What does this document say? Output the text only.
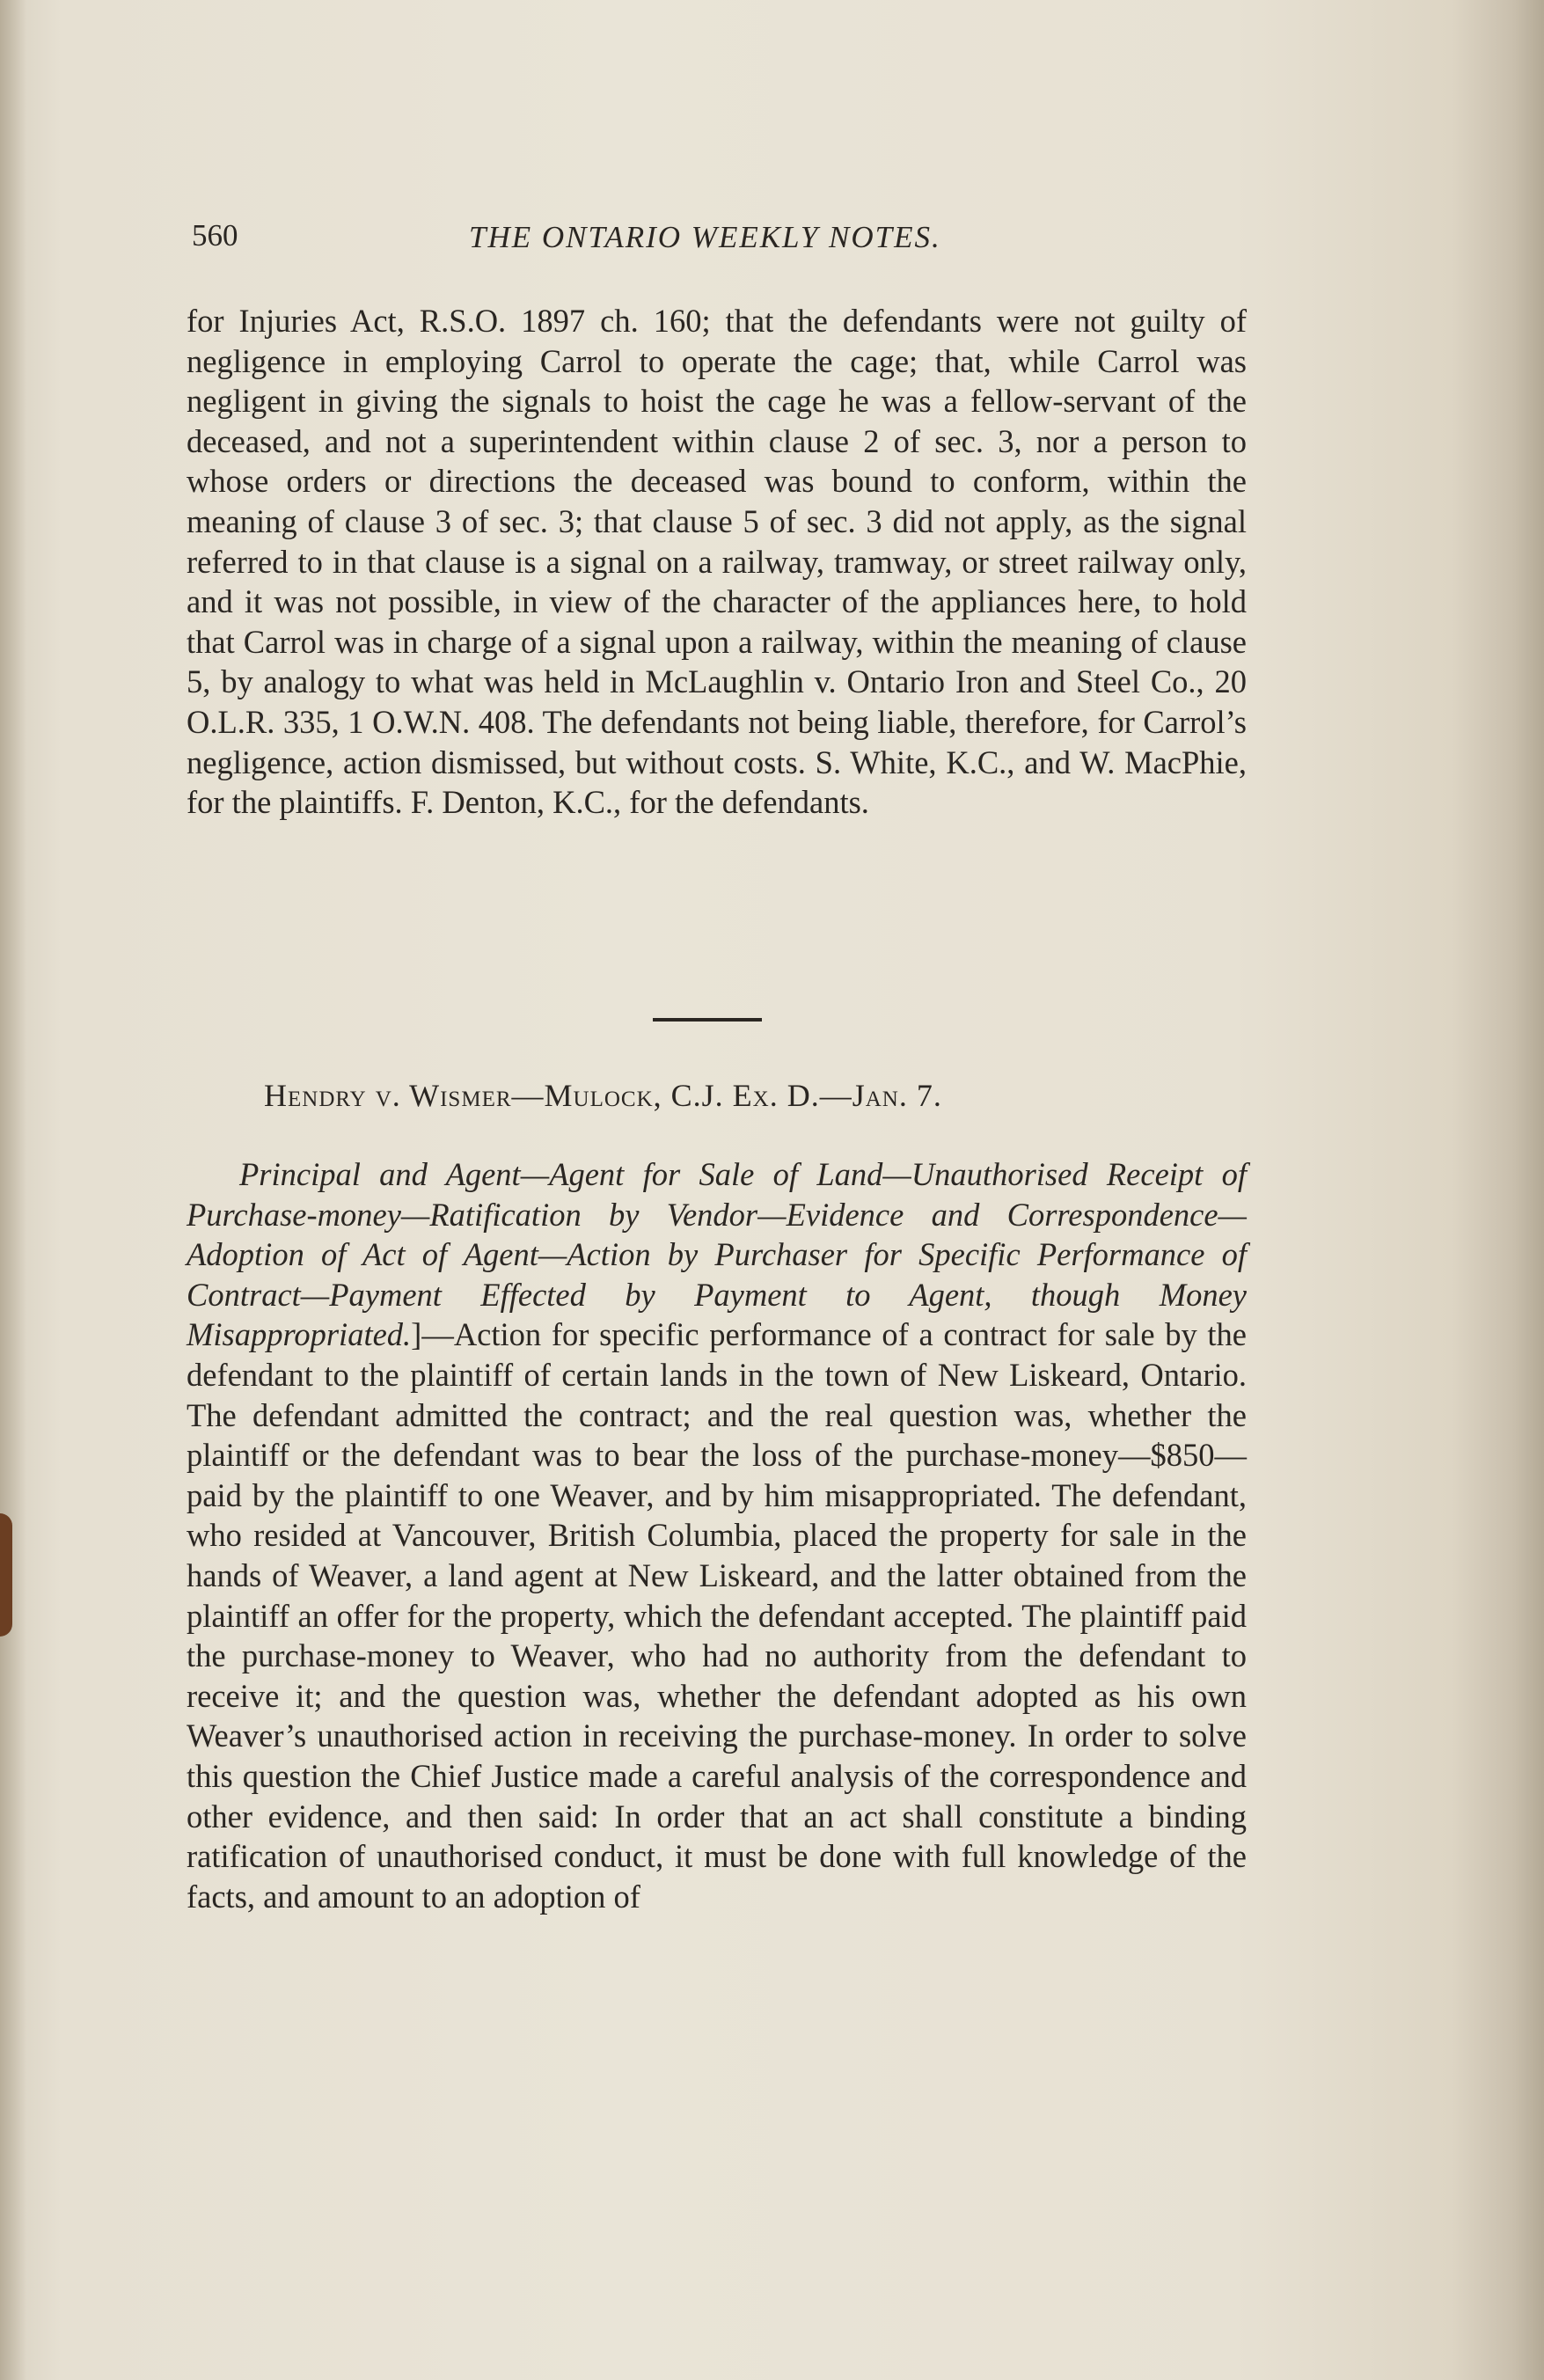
560	THE ONTARIO WEEKLY NOTES.

for Injuries Act, R.S.O. 1897 ch. 160; that the defendants were not guilty of negligence in employing Carrol to operate the cage; that, while Carrol was negligent in giving the signals to hoist the cage he was a fellow-servant of the deceased, and not a superintendent within clause 2 of sec. 3, nor a person to whose orders or directions the deceased was bound to conform, within the meaning of clause 3 of sec. 3; that clause 5 of sec. 3 did not apply, as the signal referred to in that clause is a signal on a railway, tramway, or street railway only, and it was not possible, in view of the character of the appliances here, to hold that Carrol was in charge of a signal upon a railway, within the meaning of clause 5, by analogy to what was held in McLaughlin v. Ontario Iron and Steel Co., 20 O.L.R. 335, 1 O.W.N. 408. The defendants not being liable, therefore, for Carrol’s negligence, action dismissed, but without costs. S. White, K.C., and W. MacPhie, for the plaintiffs. F. Denton, K.C., for the defendants.

Hendry v. Wismer—Mulock, C.J. Ex. D.—Jan. 7.

Principal and Agent—Agent for Sale of Land—Unauthorised Receipt of Purchase-money—Ratification by Vendor—Evidence and Correspondence—Adoption of Act of Agent—Action by Purchaser for Specific Performance of Contract—Payment Effected by Payment to Agent, though Money Misappropriated.]—Action for specific performance of a contract for sale by the defendant to the plaintiff of certain lands in the town of New Liskeard, Ontario. The defendant admitted the contract; and the real question was, whether the plaintiff or the defendant was to bear the loss of the purchase-money—$850—paid by the plaintiff to one Weaver, and by him misappropriated. The defendant, who resided at Vancouver, British Columbia, placed the property for sale in the hands of Weaver, a land agent at New Liskeard, and the latter obtained from the plaintiff an offer for the property, which the defendant accepted. The plaintiff paid the purchase-money to Weaver, who had no authority from the defendant to receive it; and the question was, whether the defendant adopted as his own Weaver’s unauthorised action in receiving the purchase-money. In order to solve this question the Chief Justice made a careful analysis of the correspondence and other evidence, and then said: In order that an act shall constitute a binding ratification of unauthorised conduct, it must be done with full knowledge of the facts, and amount to an adoption of
